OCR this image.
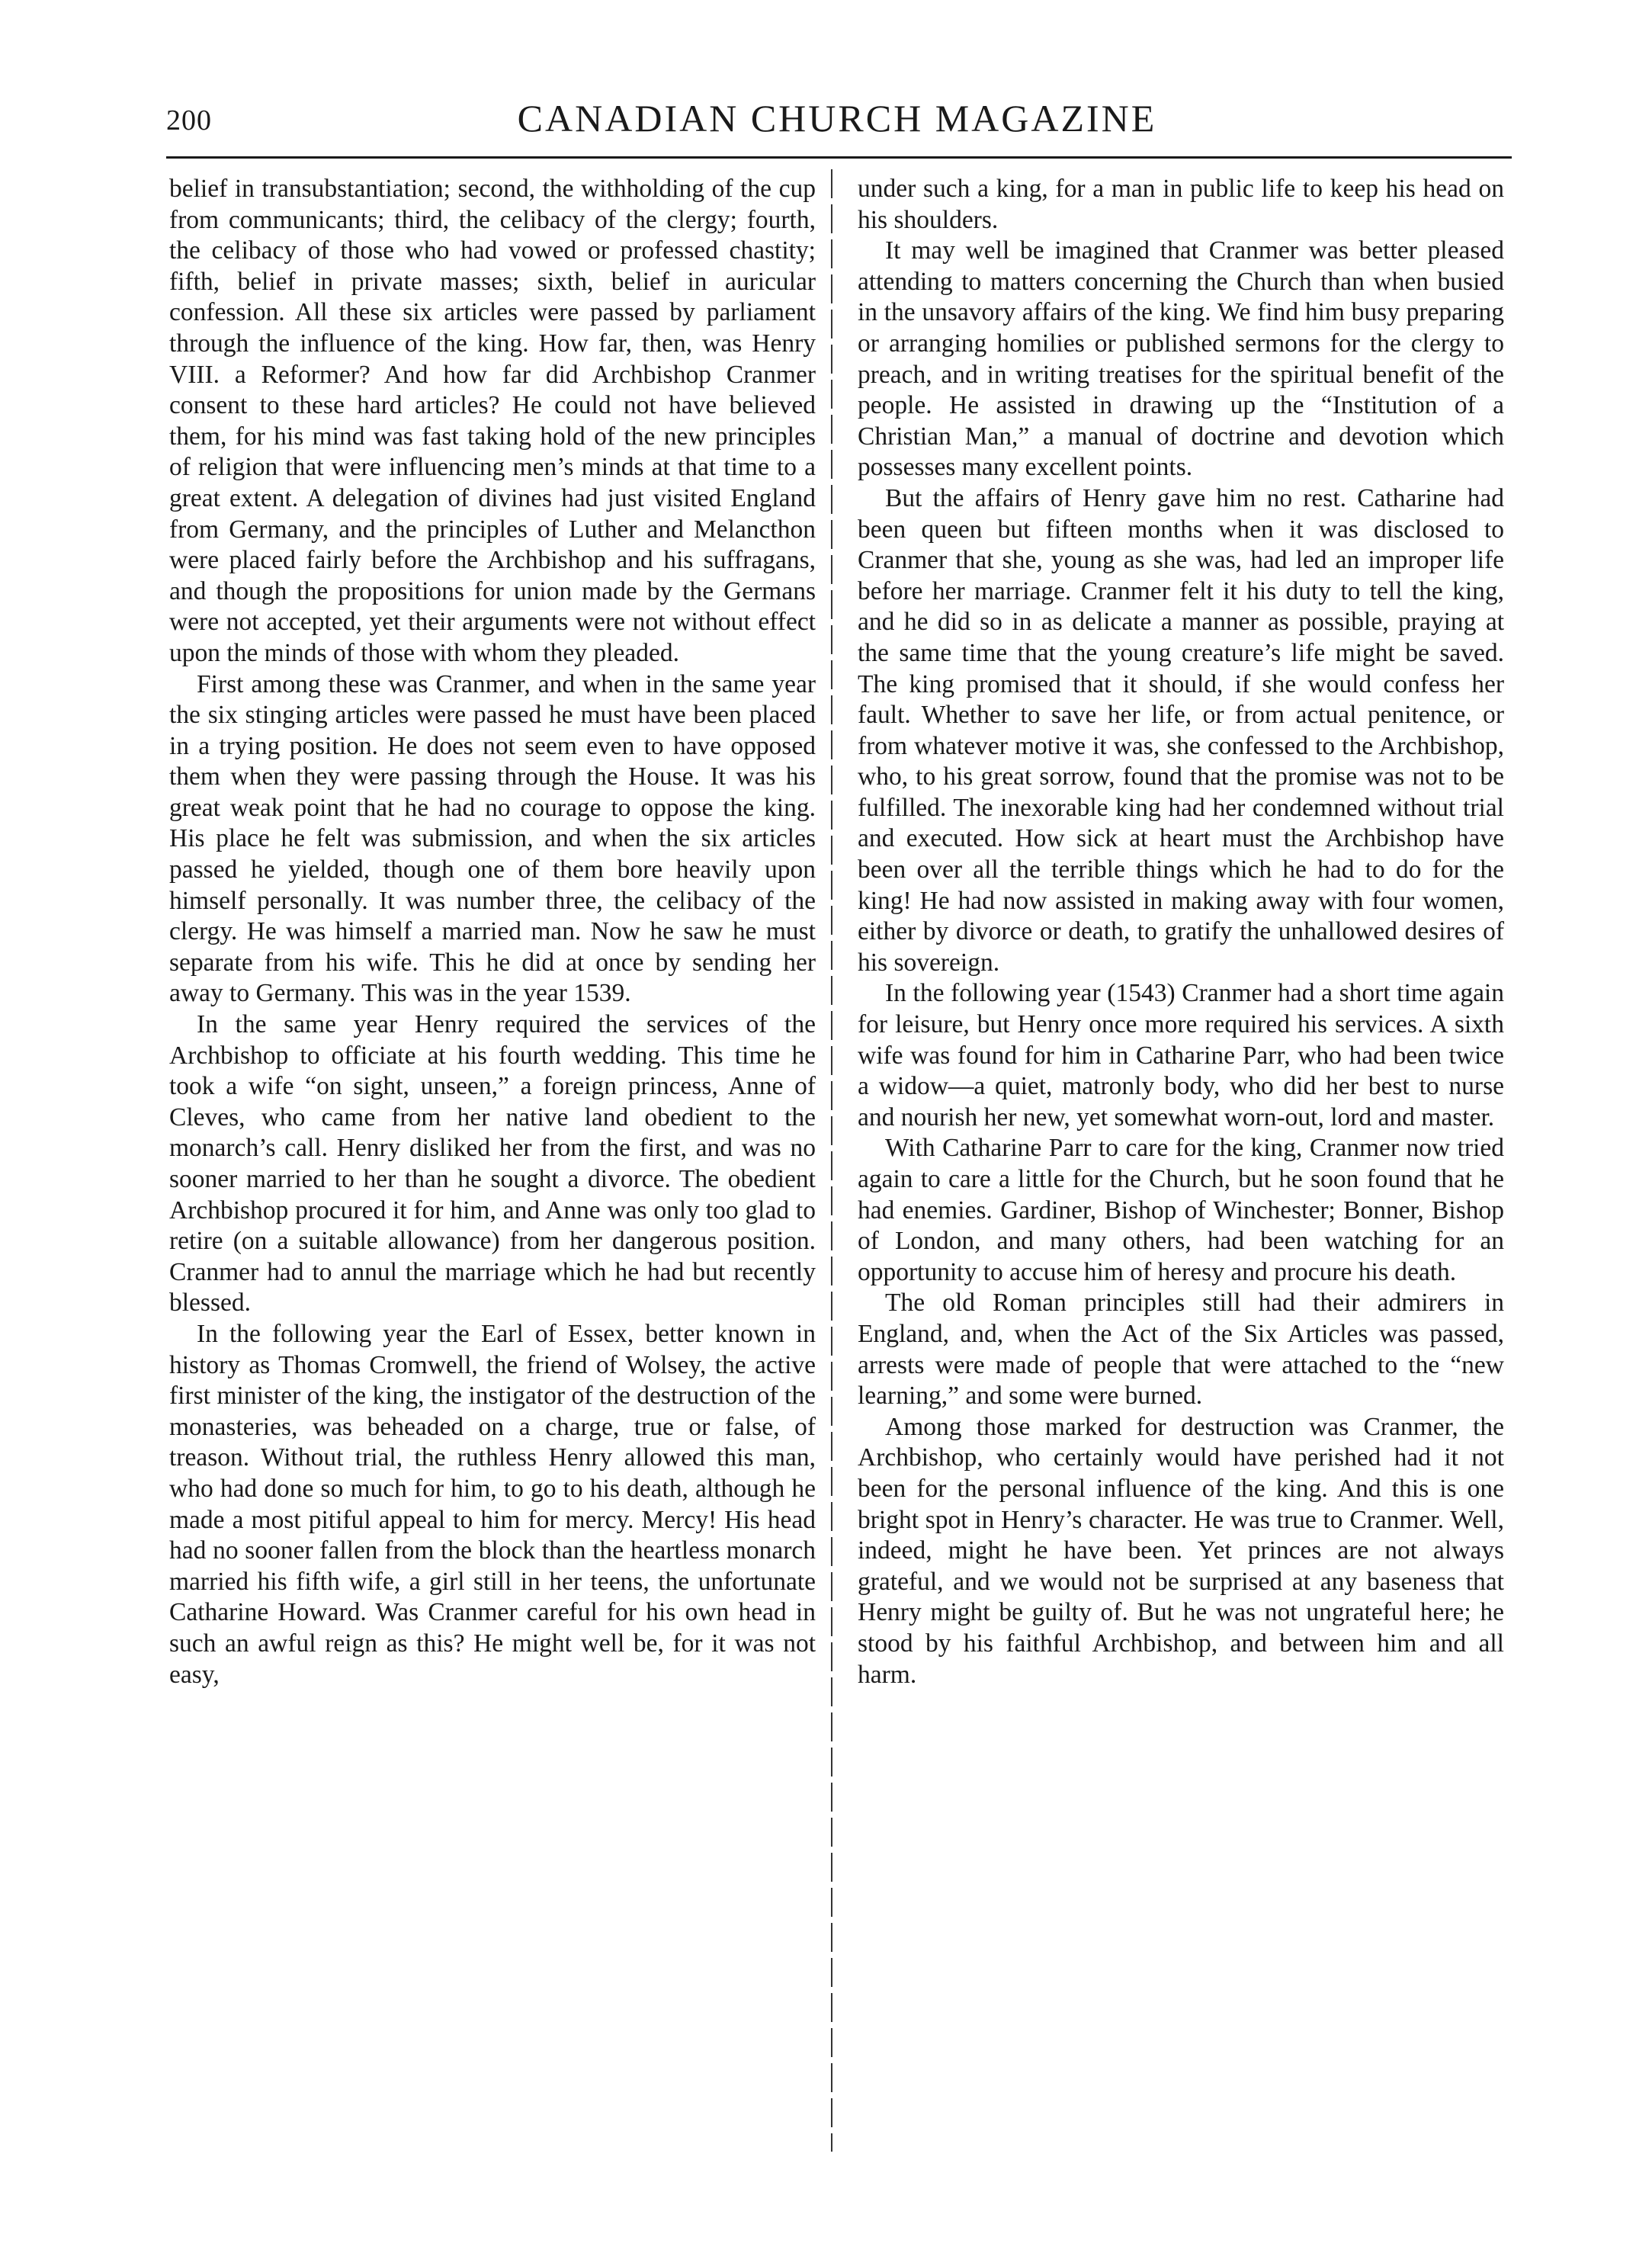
200	CANADIAN CHURCH MAGAZINE

belief in transubstantiation; second, the withholding of the cup from communicants; third, the celibacy of the clergy; fourth, the celibacy of those who had vowed or professed chastity; fifth, belief in private masses; sixth, belief in auricular confession. All these six articles were passed by parliament through the influence of the king. How far, then, was Henry VIII. a Reformer? And how far did Archbishop Cranmer consent to these hard articles? He could not have believed them, for his mind was fast taking hold of the new principles of religion that were influencing men’s minds at that time to a great extent. A delegation of divines had just visited England from Germany, and the principles of Luther and Melancthon were placed fairly before the Archbishop and his suffragans, and though the propositions for union made by the Germans were not accepted, yet their arguments were not without effect upon the minds of those with whom they pleaded.

First among these was Cranmer, and when in the same year the six stinging articles were passed he must have been placed in a trying position. He does not seem even to have opposed them when they were passing through the House. It was his great weak point that he had no courage to oppose the king. His place he felt was submission, and when the six articles passed he yielded, though one of them bore heavily upon himself personally. It was number three, the celibacy of the clergy. He was himself a married man. Now he saw he must separate from his wife. This he did at once by sending her away to Germany. This was in the year 1539.

In the same year Henry required the services of the Archbishop to officiate at his fourth wedding. This time he took a wife “on sight, unseen,” a foreign princess, Anne of Cleves, who came from her native land obedient to the monarch’s call. Henry disliked her from the first, and was no sooner married to her than he sought a divorce. The obedient Archbishop procured it for him, and Anne was only too glad to retire (on a suitable allowance) from her dangerous position. Cranmer had to annul the marriage which he had but recently blessed.

In the following year the Earl of Essex, better known in history as Thomas Cromwell, the friend of Wolsey, the active first minister of the king, the instigator of the destruction of the monasteries, was beheaded on a charge, true or false, of treason. Without trial, the ruthless Henry allowed this man, who had done so much for him, to go to his death, although he made a most pitiful appeal to him for mercy. Mercy! His head had no sooner fallen from the block than the heartless monarch married his fifth wife, a girl still in her teens, the unfortunate Catharine Howard. Was Cranmer careful for his own head in such an awful reign as this? He might well be, for it was not easy,

under such a king, for a man in public life to keep his head on his shoulders.

It may well be imagined that Cranmer was better pleased attending to matters concerning the Church than when busied in the unsavory affairs of the king. We find him busy preparing or arranging homilies or published sermons for the clergy to preach, and in writing treatises for the spiritual benefit of the people. He assisted in drawing up the “Institution of a Christian Man,” a manual of doctrine and devotion which possesses many excellent points.

But the affairs of Henry gave him no rest. Catharine had been queen but fifteen months when it was disclosed to Cranmer that she, young as she was, had led an improper life before her marriage. Cranmer felt it his duty to tell the king, and he did so in as delicate a manner as possible, praying at the same time that the young creature’s life might be saved. The king promised that it should, if she would confess her fault. Whether to save her life, or from actual penitence, or from whatever motive it was, she confessed to the Archbishop, who, to his great sorrow, found that the promise was not to be fulfilled. The inexorable king had her condemned without trial and executed. How sick at heart must the Archbishop have been over all the terrible things which he had to do for the king! He had now assisted in making away with four women, either by divorce or death, to gratify the unhallowed desires of his sovereign.

In the following year (1543) Cranmer had a short time again for leisure, but Henry once more required his services. A sixth wife was found for him in Catharine Parr, who had been twice a widow—a quiet, matronly body, who did her best to nurse and nourish her new, yet somewhat worn-out, lord and master.

With Catharine Parr to care for the king, Cranmer now tried again to care a little for the Church, but he soon found that he had enemies. Gardiner, Bishop of Winchester; Bonner, Bishop of London, and many others, had been watching for an opportunity to accuse him of heresy and procure his death.

The old Roman principles still had their admirers in England, and, when the Act of the Six Articles was passed, arrests were made of people that were attached to the “new learning,” and some were burned.

Among those marked for destruction was Cranmer, the Archbishop, who certainly would have perished had it not been for the personal influence of the king. And this is one bright spot in Henry’s character. He was true to Cranmer. Well, indeed, might he have been. Yet princes are not always grateful, and we would not be surprised at any baseness that Henry might be guilty of. But he was not ungrateful here; he stood by his faithful Archbishop, and between him and all harm.
